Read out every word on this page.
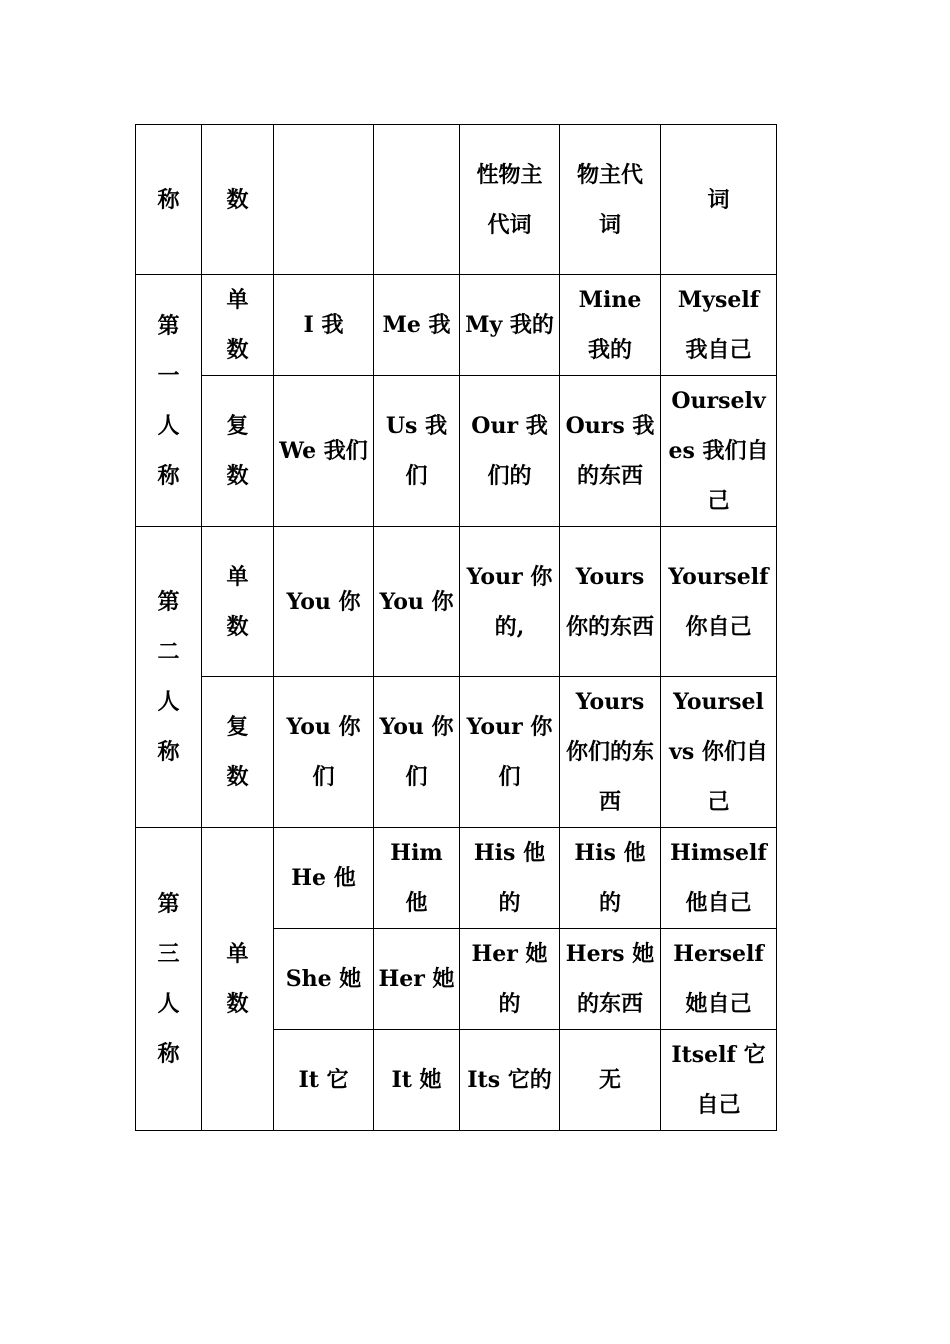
称	数			性物主代词	物主代词	词
第一人称	单数	I 我	Me 我	My 我的	Mine 我的	Myself 我自己
	复数	We 我们	Us 我们	Our 我们的	Ours 我的东西	Ourselves 我们自己
第二人称	单数	You 你	You 你	Your 你的,	Yours 你的东西	Yourself 你自己
	复数	You 你们	You 你们	Your 你们	Yours 你们的东西	Yoursel vs 你们自己
第三人称	单数	He 他	Him 他	His 他的	His 他的	Himself 他自己
		She 她	Her 她	Her 她的	Hers 她的东西	Herself 她自己
		It 它	It 她	Its 它的	无	Itself 它自己
